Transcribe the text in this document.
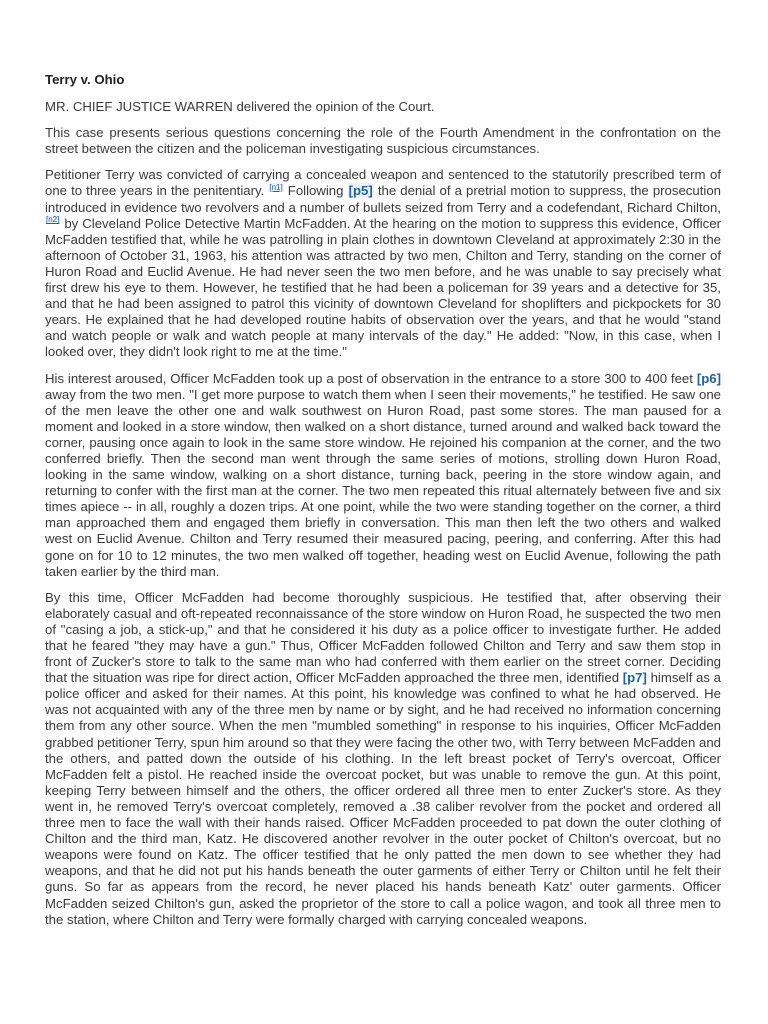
Terry v. Ohio

MR. CHIEF JUSTICE WARREN delivered the opinion of the Court.

This case presents serious questions concerning the role of the Fourth Amendment in the confrontation on the street between the citizen and the policeman investigating suspicious circumstances.

Petitioner Terry was convicted of carrying a concealed weapon and sentenced to the statutorily prescribed term of one to three years in the penitentiary. [n1] Following [p5] the denial of a pretrial motion to suppress, the prosecution introduced in evidence two revolvers and a number of bullets seized from Terry and a codefendant, Richard Chilton,[n2] by Cleveland Police Detective Martin McFadden. At the hearing on the motion to suppress this evidence, Officer McFadden testified that, while he was patrolling in plain clothes in downtown Cleveland at approximately 2:30 in the afternoon of October 31, 1963, his attention was attracted by two men, Chilton and Terry, standing on the corner of Huron Road and Euclid Avenue. He had never seen the two men before, and he was unable to say precisely what first drew his eye to them. However, he testified that he had been a policeman for 39 years and a detective for 35, and that he had been assigned to patrol this vicinity of downtown Cleveland for shoplifters and pickpockets for 30 years. He explained that he had developed routine habits of observation over the years, and that he would "stand and watch people or walk and watch people at many intervals of the day." He added: "Now, in this case, when I looked over, they didn't look right to me at the time."

His interest aroused, Officer McFadden took up a post of observation in the entrance to a store 300 to 400 feet [p6] away from the two men. "I get more purpose to watch them when I seen their movements," he testified. He saw one of the men leave the other one and walk southwest on Huron Road, past some stores. The man paused for a moment and looked in a store window, then walked on a short distance, turned around and walked back toward the corner, pausing once again to look in the same store window. He rejoined his companion at the corner, and the two conferred briefly. Then the second man went through the same series of motions, strolling down Huron Road, looking in the same window, walking on a short distance, turning back, peering in the store window again, and returning to confer with the first man at the corner. The two men repeated this ritual alternately between five and six times apiece -- in all, roughly a dozen trips. At one point, while the two were standing together on the corner, a third man approached them and engaged them briefly in conversation. This man then left the two others and walked west on Euclid Avenue. Chilton and Terry resumed their measured pacing, peering, and conferring. After this had gone on for 10 to 12 minutes, the two men walked off together, heading west on Euclid Avenue, following the path taken earlier by the third man.

By this time, Officer McFadden had become thoroughly suspicious. He testified that, after observing their elaborately casual and oft-repeated reconnaissance of the store window on Huron Road, he suspected the two men of "casing a job, a stick-up," and that he considered it his duty as a police officer to investigate further. He added that he feared "they may have a gun." Thus, Officer McFadden followed Chilton and Terry and saw them stop in front of Zucker's store to talk to the same man who had conferred with them earlier on the street corner. Deciding that the situation was ripe for direct action, Officer McFadden approached the three men, identified [p7] himself as a police officer and asked for their names. At this point, his knowledge was confined to what he had observed. He was not acquainted with any of the three men by name or by sight, and he had received no information concerning them from any other source. When the men "mumbled something" in response to his inquiries, Officer McFadden grabbed petitioner Terry, spun him around so that they were facing the other two, with Terry between McFadden and the others, and patted down the outside of his clothing. In the left breast pocket of Terry's overcoat, Officer McFadden felt a pistol. He reached inside the overcoat pocket, but was unable to remove the gun. At this point, keeping Terry between himself and the others, the officer ordered all three men to enter Zucker's store. As they went in, he removed Terry's overcoat completely, removed a .38 caliber revolver from the pocket and ordered all three men to face the wall with their hands raised. Officer McFadden proceeded to pat down the outer clothing of Chilton and the third man, Katz. He discovered another revolver in the outer pocket of Chilton's overcoat, but no weapons were found on Katz. The officer testified that he only patted the men down to see whether they had weapons, and that he did not put his hands beneath the outer garments of either Terry or Chilton until he felt their guns. So far as appears from the record, he never placed his hands beneath Katz' outer garments. Officer McFadden seized Chilton's gun, asked the proprietor of the store to call a police wagon, and took all three men to the station, where Chilton and Terry were formally charged with carrying concealed weapons.
